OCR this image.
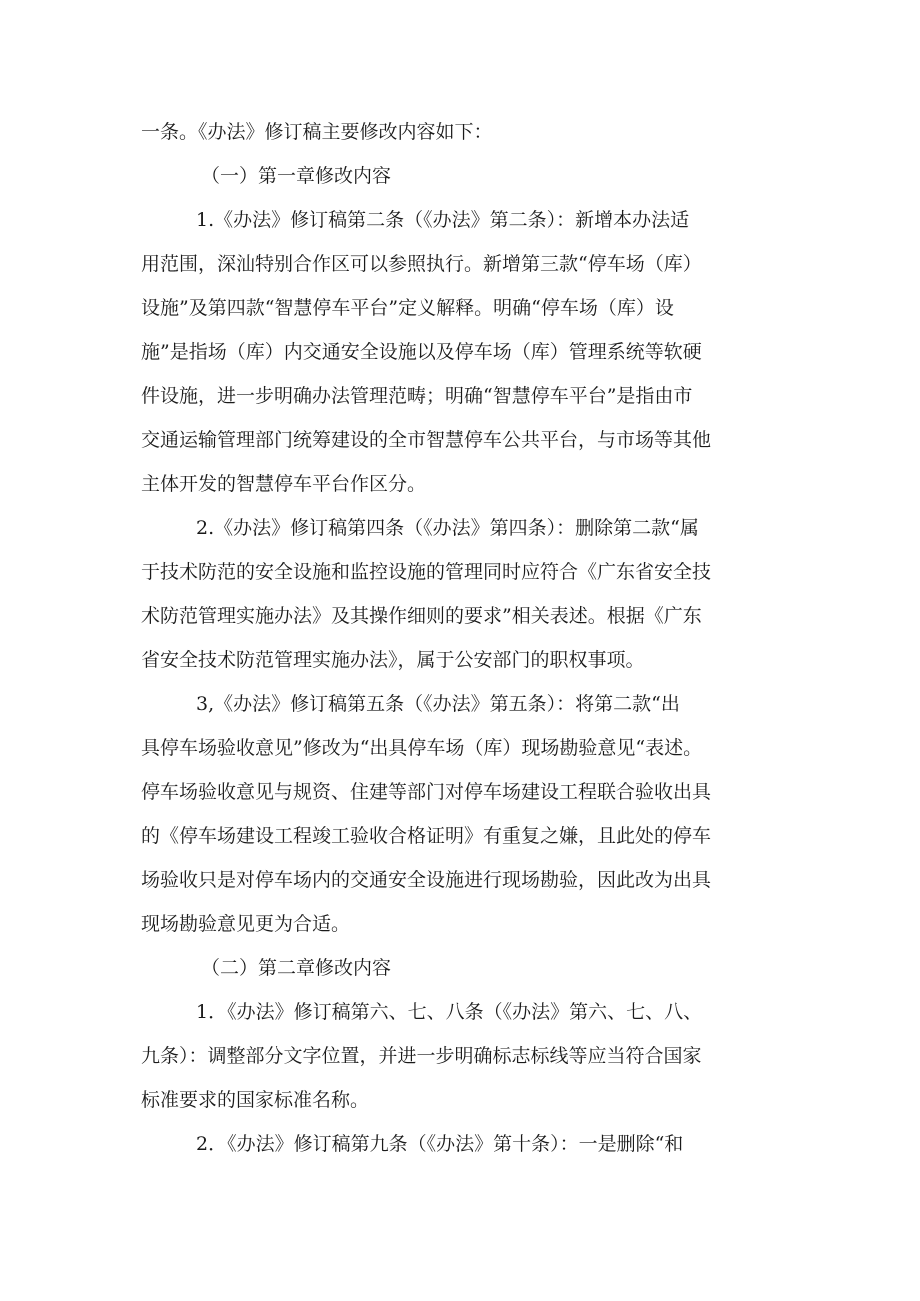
一条。《办法》修订稿主要修改内容如下：

（一）第一章修改内容

1.《办法》修订稿第二条（《办法》第二条）：新增本办法适

用范围，深汕特别合作区可以参照执行。新增第三款“停车场（库）

设施”及第四款“智慧停车平台”定义解释。明确“停车场（库）设

施”是指场（库）内交通安全设施以及停车场（库）管理系统等软硬

件设施，进一步明确办法管理范畴；明确“智慧停车平台”是指由市

交通运输管理部门统筹建设的全市智慧停车公共平台，与市场等其他

主体开发的智慧停车平台作区分。

2.《办法》修订稿第四条（《办法》第四条）：删除第二款“属

于技术防范的安全设施和监控设施的管理同时应符合《广东省安全技

术防范管理实施办法》及其操作细则的要求”相关表述。根据《广东

省安全技术防范管理实施办法》，属于公安部门的职权事项。

3,《办法》修订稿第五条（《办法》第五条）：将第二款“出

具停车场验收意见”修改为“出具停车场（库）现场勘验意见“表述。

停车场验收意见与规资、住建等部门对停车场建设工程联合验收出具

的《停车场建设工程竣工验收合格证明》有重复之嫌，且此处的停车

场验收只是对停车场内的交通安全设施进行现场勘验，因此改为出具

现场勘验意见更为合适。

（二）第二章修改内容

1．《办法》修订稿第六、七、八条（《办法》第六、七、八、

九条）：调整部分文字位置，并进一步明确标志标线等应当符合国家

标准要求的国家标准名称。

2．《办法》修订稿第九条（《办法》第十条）：一是删除“和
